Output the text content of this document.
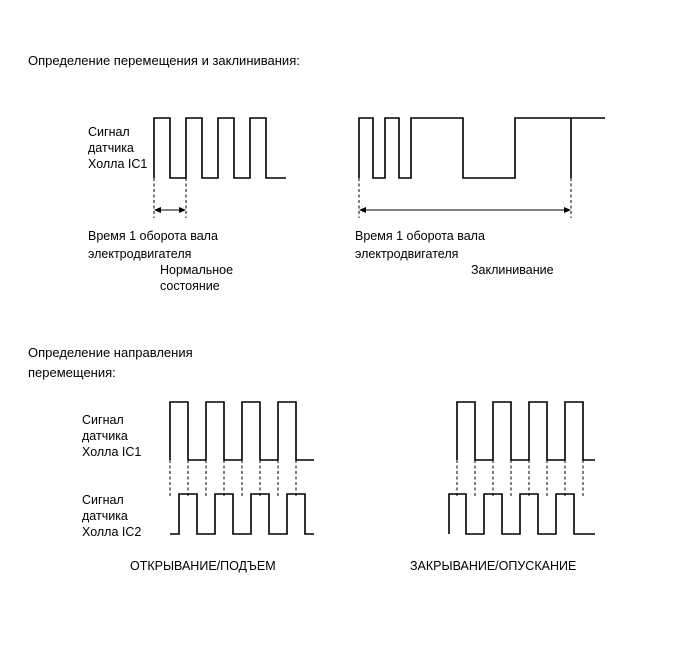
Определение перемещения и заклинивания:
Сигнал
датчика
Холла IC1
Время 1 оборота вала
электродвигателя
Нормальное
состояние
Время 1 оборота вала
электродвигателя
Заклинивание
Определение направления
перемещения:
Сигнал
датчика
Холла IC1
Сигнал
датчика
Холла IC2
ОТКРЫВАНИЕ/ПОДЪЕМ	ЗАКРЫВАНИЕ/ОПУСКАНИЕ
